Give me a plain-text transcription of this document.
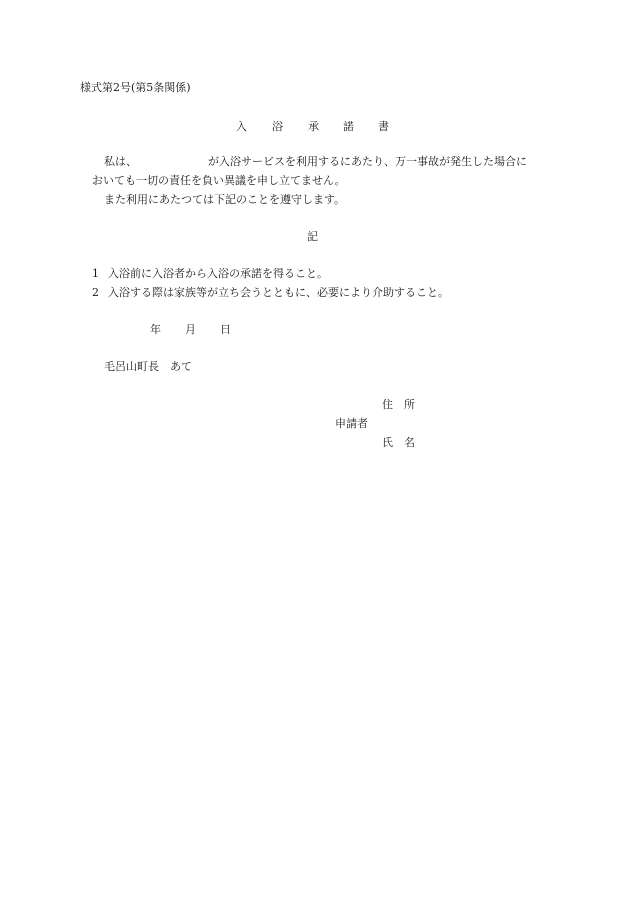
様式第2号(第5条関係)
入 浴 承 諾 書
私は、	が入浴サービスを利用するにあたり、万一事故が発生した場合に
おいても一切の責任を負い異議を申し立てません。
また利用にあたつては下記のことを遵守します。
記
1 入浴前に入浴者から入浴の承諾を得ること。
2 入浴する際は家族等が立ち会うとともに、必要により介助すること。
年 月 日
毛呂山町長　あて
住　所
申請者
氏　名
